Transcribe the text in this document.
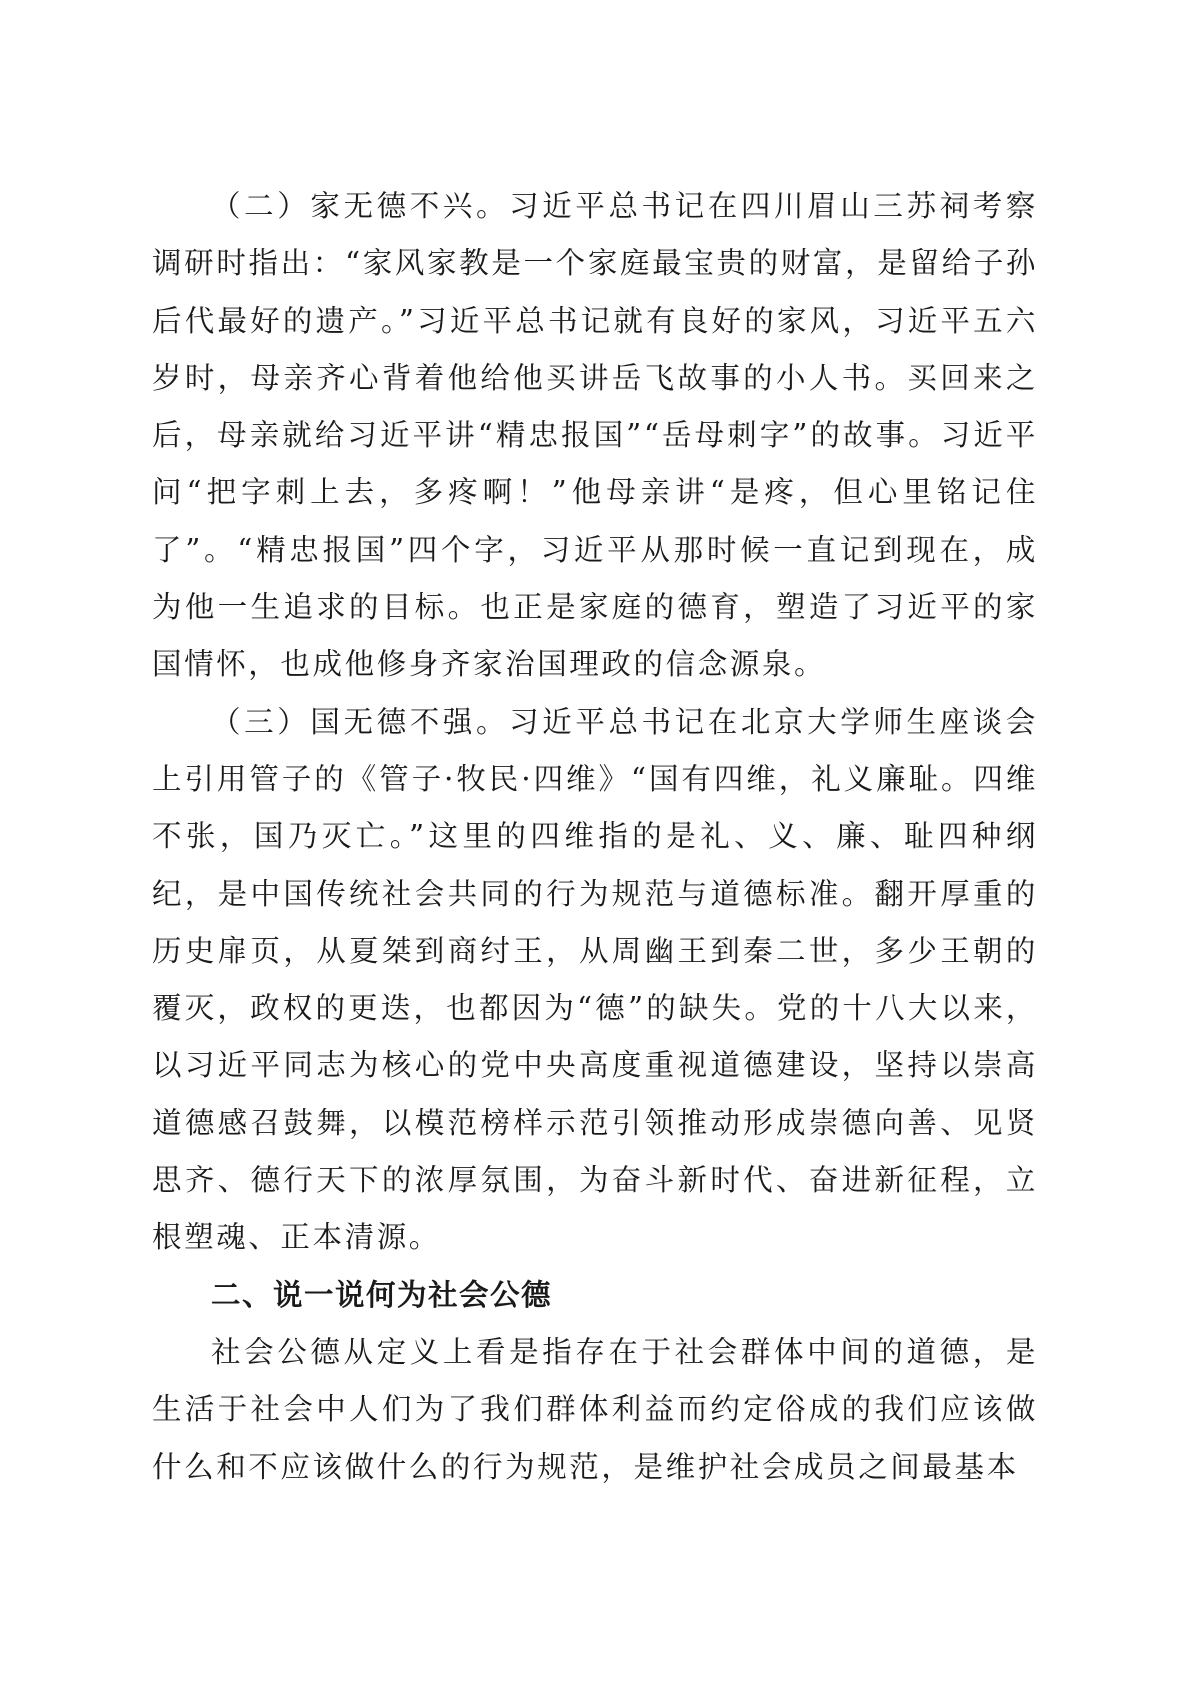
（二）家无德不兴。习近平总书记在四川眉山三苏祠考察调研时指出：“家风家教是一个家庭最宝贵的财富，是留给子孙后代最好的遗产。”习近平总书记就有良好的家风，习近平五六岁时，母亲齐心背着他给他买讲岳飞故事的小人书。买回来之后，母亲就给习近平讲“精忠报国”“岳母刺字”的故事。习近平问“把字刺上去，多疼啊！”他母亲讲“是疼，但心里铭记住了”。“精忠报国”四个字，习近平从那时候一直记到现在，成为他一生追求的目标。也正是家庭的德育，塑造了习近平的家国情怀，也成他修身齐家治国理政的信念源泉。

（三）国无德不强。习近平总书记在北京大学师生座谈会上引用管子的《管子·牧民·四维》“国有四维，礼义廉耻。四维不张，国乃灭亡。”这里的四维指的是礼、义、廉、耻四种纲纪，是中国传统社会共同的行为规范与道德标准。翻开厚重的历史扉页，从夏桀到商纣王，从周幽王到秦二世，多少王朝的覆灭，政权的更迭，也都因为“德”的缺失。党的十八大以来，以习近平同志为核心的党中央高度重视道德建设，坚持以崇高道德感召鼓舞，以模范榜样示范引领推动形成崇德向善、见贤思齐、德行天下的浓厚氛围，为奋斗新时代、奋进新征程，立根塑魂、正本清源。

二、说一说何为社会公德

社会公德从定义上看是指存在于社会群体中间的道德，是生活于社会中人们为了我们群体利益而约定俗成的我们应该做什么和不应该做什么的行为规范，是维护社会成员之间最基本
